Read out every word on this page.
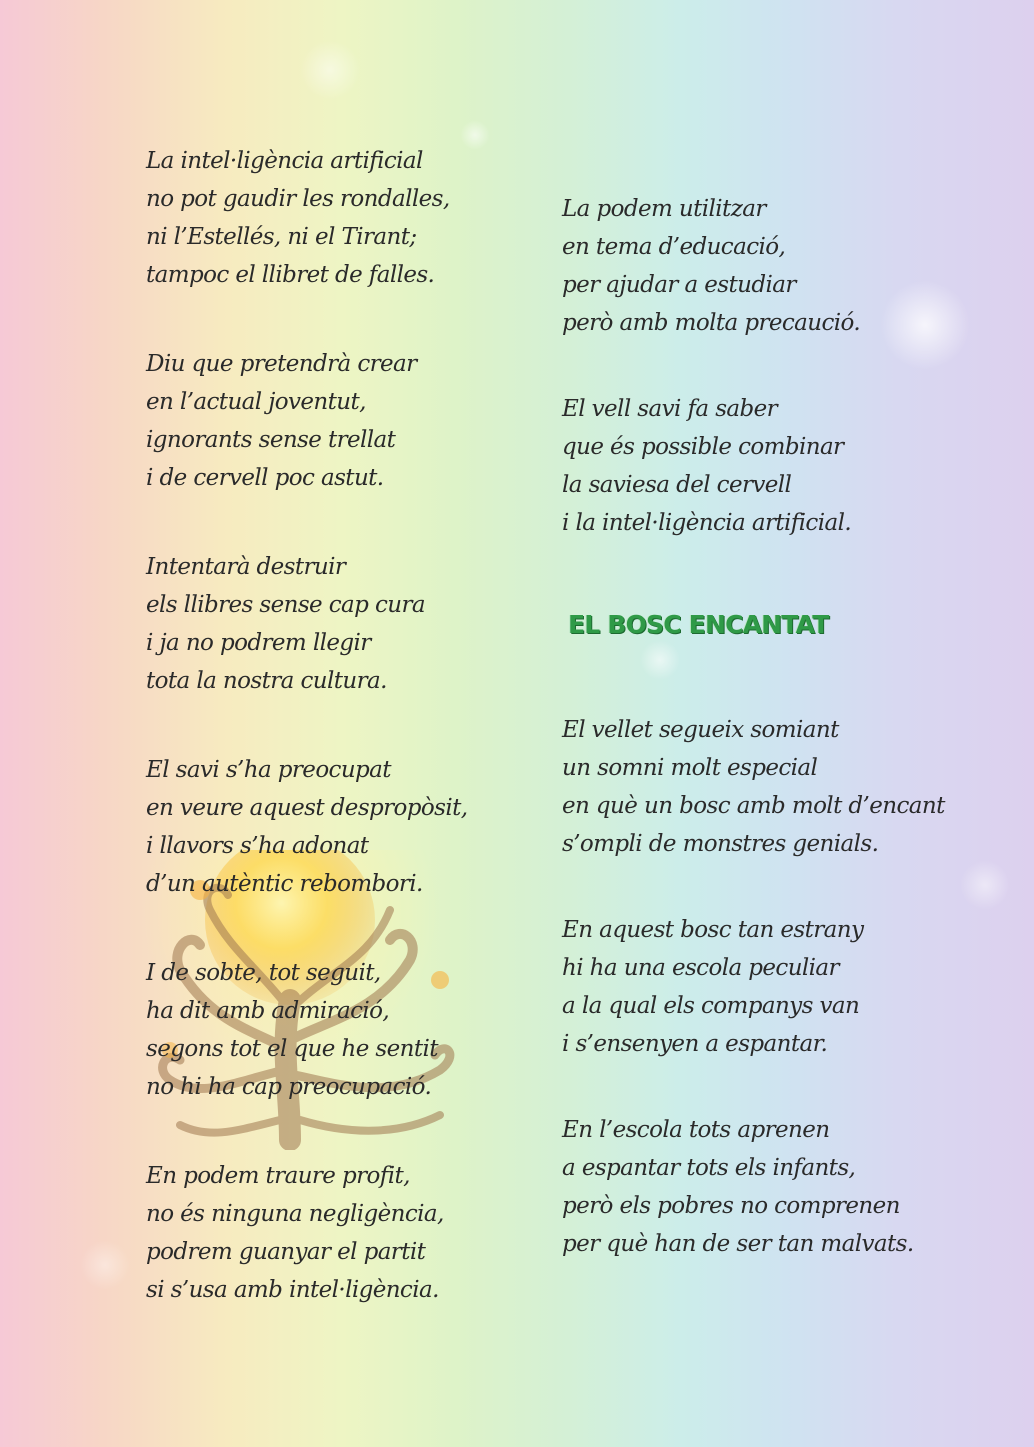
La intel·ligència artificial
no pot gaudir les rondalles,
ni l’Estellés, ni el Tirant;
tampoc el llibret de falles.
Diu que pretendrà crear
en l’actual joventut,
ignorants sense trellat
i de cervell poc astut.
Intentarà destruir
els llibres sense cap cura
i ja no podrem llegir
tota la nostra cultura.
El savi s’ha preocupat
en veure aquest despropòsit,
i llavors s’ha adonat
d’un autèntic rebombori.
I de sobte, tot seguit,
ha dit amb admiració,
segons tot el que he sentit
no hi ha cap preocupació.
En podem traure profit,
no és ninguna negligència,
podrem guanyar el partit
si s’usa amb intel·ligència.
La podem utilitzar
en tema d’educació,
per ajudar a estudiar
però amb molta precaució.
El vell savi fa saber
que és possible combinar
la saviesa del cervell
i la intel·ligència artificial.
EL BOSC ENCANTAT
El vellet segueix somiant
un somni molt especial
en què un bosc amb molt d’encant
s’ompli de monstres genials.
En aquest bosc tan estrany
hi ha una escola peculiar
a la qual els companys van
i s’ensenyen a espantar.
En l’escola tots aprenen
a espantar tots els infants,
però els pobres no comprenen
per què han de ser tan malvats.
